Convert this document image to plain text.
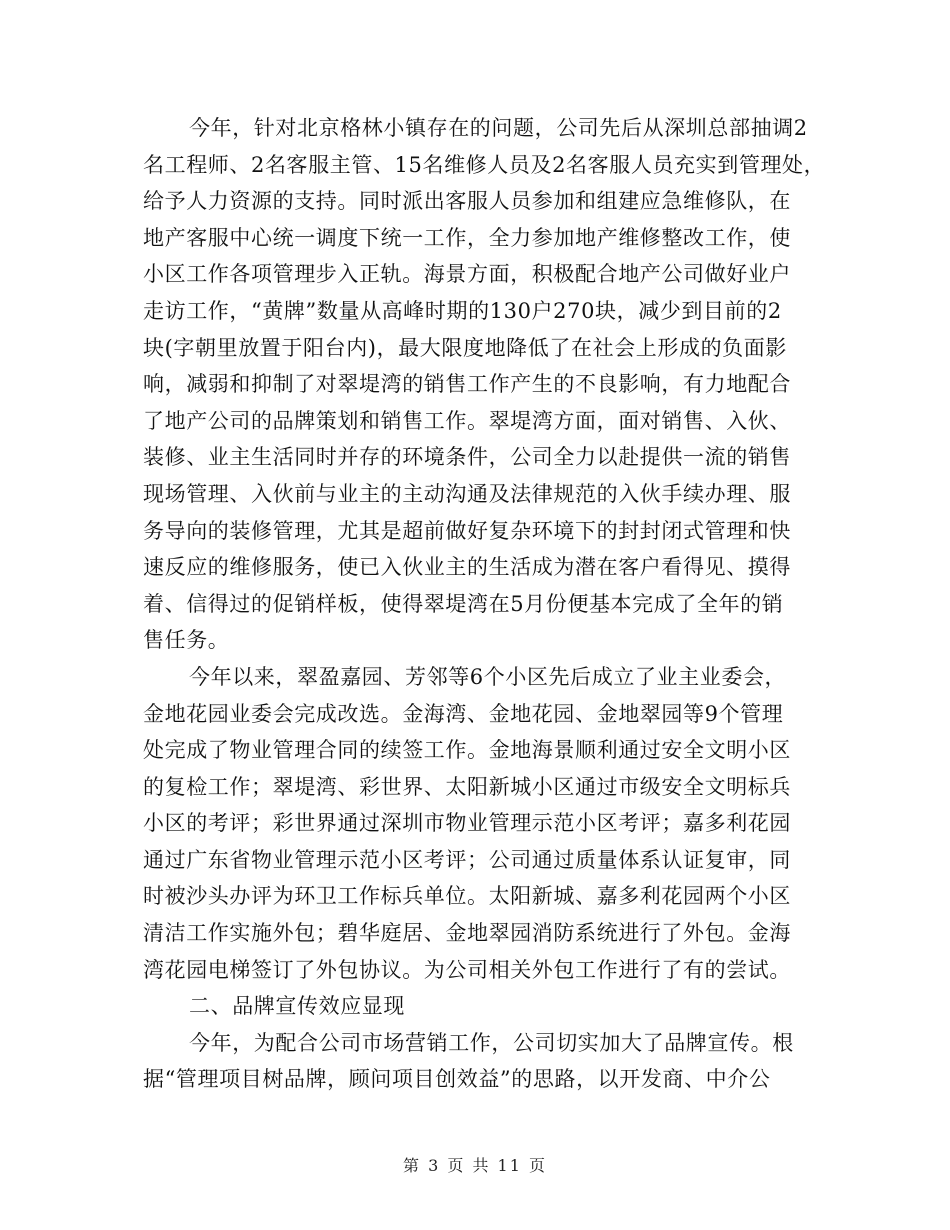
今年，针对北京格林小镇存在的问题，公司先后从深圳总部抽调2
名工程师、2名客服主管、15名维修人员及2名客服人员充实到管理处，
给予人力资源的支持。同时派出客服人员参加和组建应急维修队，在
地产客服中心统一调度下统一工作，全力参加地产维修整改工作，使
小区工作各项管理步入正轨。海景方面，积极配合地产公司做好业户
走访工作，“黄牌”数量从高峰时期的130户270块，减少到目前的2
块(字朝里放置于阳台内)，最大限度地降低了在社会上形成的负面影
响，减弱和抑制了对翠堤湾的销售工作产生的不良影响，有力地配合
了地产公司的品牌策划和销售工作。翠堤湾方面，面对销售、入伙、
装修、业主生活同时并存的环境条件，公司全力以赴提供一流的销售
现场管理、入伙前与业主的主动沟通及法律规范的入伙手续办理、服
务导向的装修管理，尤其是超前做好复杂环境下的封封闭式管理和快
速反应的维修服务，使已入伙业主的生活成为潜在客户看得见、摸得
着、信得过的促销样板，使得翠堤湾在5月份便基本完成了全年的销
售任务。
今年以来，翠盈嘉园、芳邻等6个小区先后成立了业主业委会，
金地花园业委会完成改选。金海湾、金地花园、金地翠园等9个管理
处完成了物业管理合同的续签工作。金地海景顺利通过安全文明小区
的复检工作；翠堤湾、彩世界、太阳新城小区通过市级安全文明标兵
小区的考评；彩世界通过深圳市物业管理示范小区考评；嘉多利花园
通过广东省物业管理示范小区考评；公司通过质量体系认证复审，同
时被沙头办评为环卫工作标兵单位。太阳新城、嘉多利花园两个小区
清洁工作实施外包；碧华庭居、金地翠园消防系统进行了外包。金海
湾花园电梯签订了外包协议。为公司相关外包工作进行了有的尝试。
二、品牌宣传效应显现
今年，为配合公司市场营销工作，公司切实加大了品牌宣传。根
据“管理项目树品牌，顾问项目创效益”的思路，以开发商、中介公
第 3 页 共 11 页
